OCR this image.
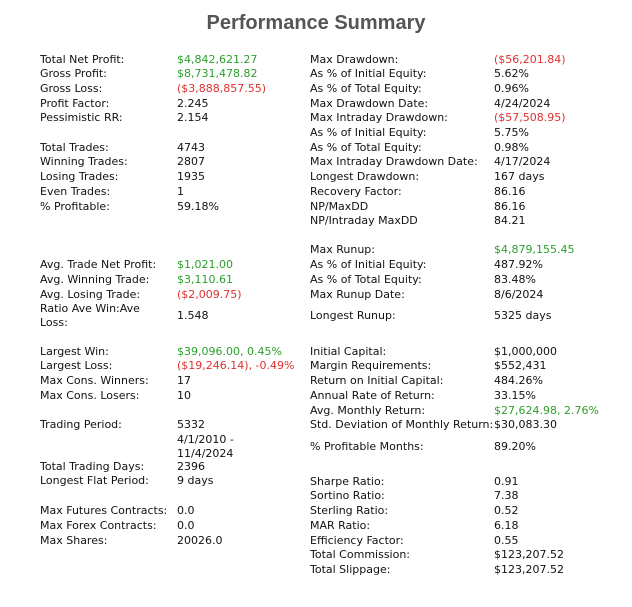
Performance Summary
Total Net Profit:	$4,842,621.27
Gross Profit:	$8,731,478.82
Gross Loss:	($3,888,857.55)
Profit Factor:	2.245
Pessimistic RR:	2.154
Total Trades:	4743
Winning Trades:	2807
Losing Trades:	1935
Even Trades:	1
% Profitable:	59.18%
Avg. Trade Net Profit: $1,021.00
Avg. Winning Trade:	$3,110.61
Avg. Losing Trade:	($2,009.75)
Ratio Ave Win:Ave Loss:
1.548
Largest Win:	$39,096.00, 0.45%
Largest Loss:	($19,246.14), -0.49%
Max Cons. Winners:	17
Max Cons. Losers:	10
Trading Period:	5332
4/1/2010 - 11/4/2024
Total Trading Days:	2396
Longest Flat Period:	9 days
Max Futures Contracts: 0.0
Max Forex Contracts: 0.0
Max Shares:	20026.0
Max Drawdown:	($56,201.84)
As % of Initial Equity:	5.62%
As % of Total Equity:	0.96%
Max Drawdown Date:	4/24/2024
Max Intraday Drawdown:	($57,508.95)
As % of Initial Equity:	5.75%
As % of Total Equity:	0.98%
Max Intraday Drawdown Date: 4/17/2024
Longest Drawdown:	167 days
Recovery Factor:	86.16
NP/MaxDD	86.16
NP/Intraday MaxDD	84.21
Max Runup:	$4,879,155.45
As % of Initial Equity:	487.92%
As % of Total Equity:	83.48%
Max Runup Date:	8/6/2024
Longest Runup:	5325 days
Initial Capital:	$1,000,000
Margin Requirements:	$552,431
Return on Initial Capital:	484.26%
Annual Rate of Return:	33.15%
Avg. Monthly Return:	$27,624.98, 2.76%
Std. Deviation of Monthly Return: $30,083.30
% Profitable Months:	89.20%
Sharpe Ratio:	0.91
Sortino Ratio:	7.38
Sterling Ratio:	0.52
MAR Ratio:	6.18
Efficiency Factor:	0.55
Total Commission:	$123,207.52
Total Slippage:	$123,207.52
